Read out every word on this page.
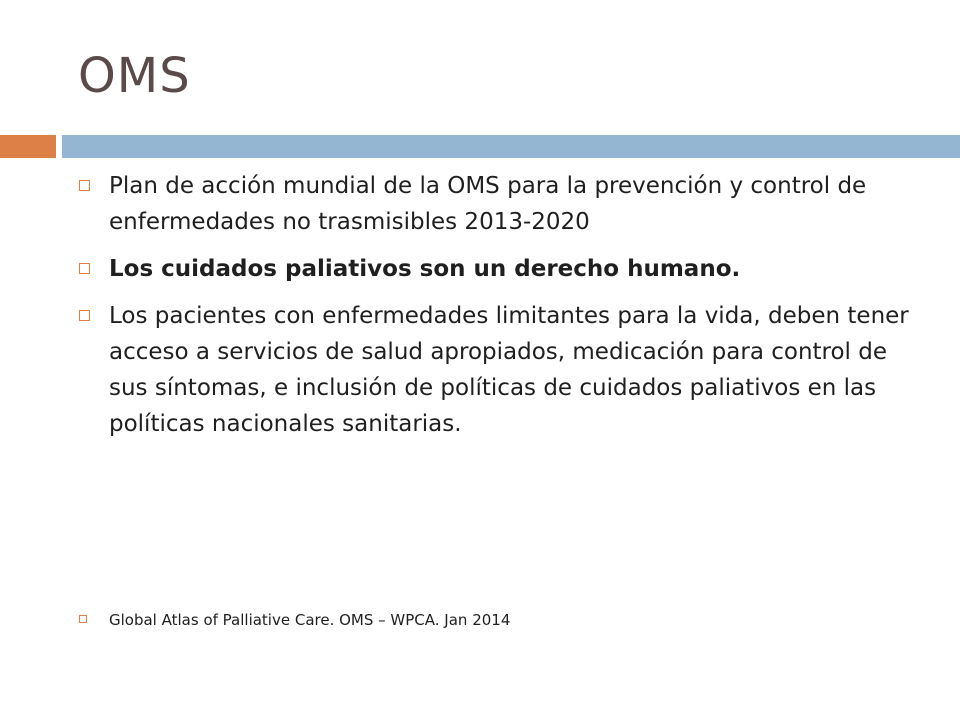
OMS
Plan de acción mundial de la OMS para la prevención y control de enfermedades no trasmisibles 2013-2020
Los cuidados paliativos son un derecho humano.
Los pacientes con enfermedades limitantes para la vida, deben tener acceso a servicios de salud apropiados, medicación para control de sus síntomas, e inclusión de políticas de cuidados paliativos en las políticas nacionales sanitarias.
Global Atlas of Palliative Care. OMS – WPCA. Jan 2014
